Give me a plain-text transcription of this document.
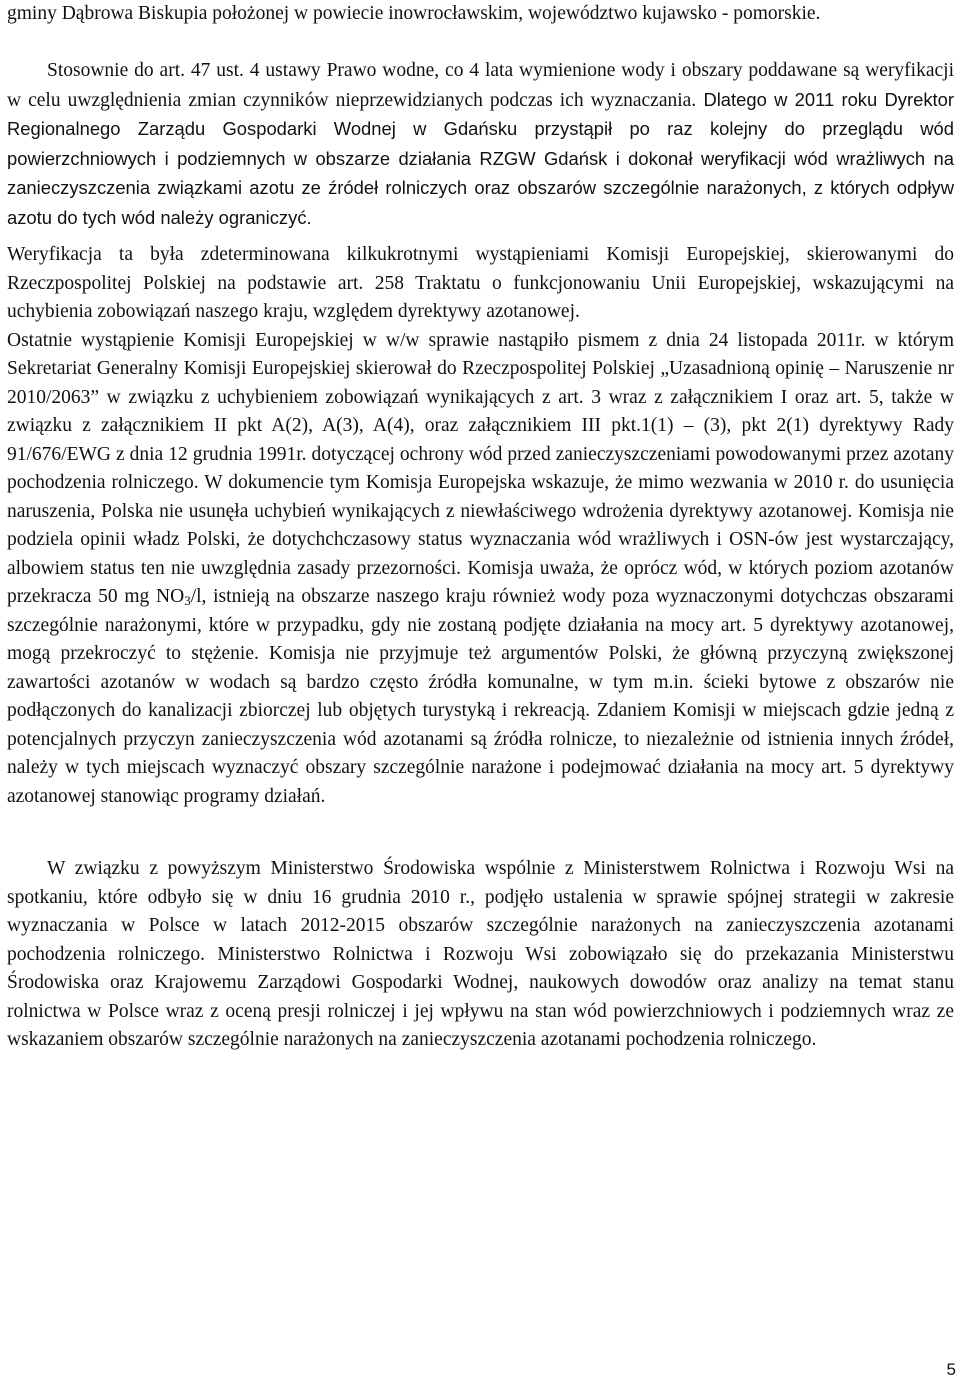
gminy Dąbrowa Biskupia położonej w powiecie inowrocławskim, województwo kujawsko - pomorskie.

Stosownie do art. 47 ust. 4 ustawy Prawo wodne, co 4 lata wymienione wody i obszary poddawane są weryfikacji w celu uwzględnienia zmian czynników nieprzewidzianych podczas ich wyznaczania. Dlatego w 2011 roku Dyrektor Regionalnego Zarządu Gospodarki Wodnej w Gdańsku przystąpił po raz kolejny do przeglądu wód powierzchniowych i podziemnych w obszarze działania RZGW Gdańsk i dokonał weryfikacji wód wrażliwych na zanieczyszczenia związkami azotu ze źródeł rolniczych oraz obszarów szczególnie narażonych, z których odpływ azotu do tych wód należy ograniczyć.

Weryfikacja ta była zdeterminowana kilkukrotnymi wystąpieniami Komisji Europejskiej, skierowanymi do Rzeczpospolitej Polskiej na podstawie art. 258 Traktatu o funkcjonowaniu Unii Europejskiej, wskazującymi na uchybienia zobowiązań naszego kraju, względem dyrektywy azotanowej.

Ostatnie wystąpienie Komisji Europejskiej w w/w sprawie nastąpiło pismem z dnia 24 listopada 2011r. w którym Sekretariat Generalny Komisji Europejskiej skierował do Rzeczpospolitej Polskiej „Uzasadnioną opinię – Naruszenie nr 2010/2063” w związku z uchybieniem zobowiązań wynikających z art. 3 wraz z załącznikiem I oraz art. 5, także w związku z załącznikiem II pkt A(2), A(3), A(4), oraz załącznikiem III pkt.1(1) – (3), pkt 2(1) dyrektywy Rady 91/676/EWG z dnia 12 grudnia 1991r. dotyczącej ochrony wód przed zanieczyszczeniami powodowanymi przez azotany pochodzenia rolniczego. W dokumencie tym Komisja Europejska wskazuje, że mimo wezwania w 2010 r. do usunięcia naruszenia, Polska nie usunęła uchybień wynikających z niewłaściwego wdrożenia dyrektywy azotanowej. Komisja nie podziela opinii władz Polski, że dotychchczasowy status wyznaczania wód wrażliwych i OSN-ów jest wystarczający, albowiem status ten nie uwzględnia zasady przezorności. Komisja uważa, że oprócz wód, w których poziom azotanów przekracza 50 mg $NO_3/l$, istnieją na obszarze naszego kraju również wody poza wyznaczonymi dotychczas obszarami szczególnie narażonymi, które w przypadku, gdy nie zostaną podjęte działania na mocy art. 5 dyrektywy azotanowej, mogą przekroczyć to stężenie. Komisja nie przyjmuje też argumentów Polski, że główną przyczyną zwiększonej zawartości azotanów w wodach są bardzo często źródła komunalne, w tym m.in. ścieki bytowe z obszarów nie podłączonych do kanalizacji zbiorczej lub objętych turystyką i rekreacją. Zdaniem Komisji w miejscach gdzie jedną z potencjalnych przyczyn zanieczyszczenia wód azotanami są źródła rolnicze, to niezależnie od istnienia innych źródeł, należy w tych miejscach wyznaczyć obszary szczególnie narażone i podejmować działania na mocy art. 5 dyrektywy azotanowej stanowiąc programy działań.

W związku z powyższym Ministerstwo Środowiska wspólnie z Ministerstwem Rolnictwa i Rozwoju Wsi na spotkaniu, które odbyło się w dniu 16 grudnia 2010 r., podjęło ustalenia w sprawie spójnej strategii w zakresie wyznaczania w Polsce w latach 2012-2015 obszarów szczególnie narażonych na zanieczyszczenia azotanami pochodzenia rolniczego. Ministerstwo Rolnictwa i Rozwoju Wsi zobowiązało się do przekazania Ministerstwu Środowiska oraz Krajowemu Zarządowi Gospodarki Wodnej, naukowych dowodów oraz analizy na temat stanu rolnictwa w Polsce wraz z oceną presji rolniczej i jej wpływu na stan wód powierzchniowych i podziemnych wraz ze wskazaniem obszarów szczególnie narażonych na zanieczyszczenia azotanami pochodzenia rolniczego.

5
